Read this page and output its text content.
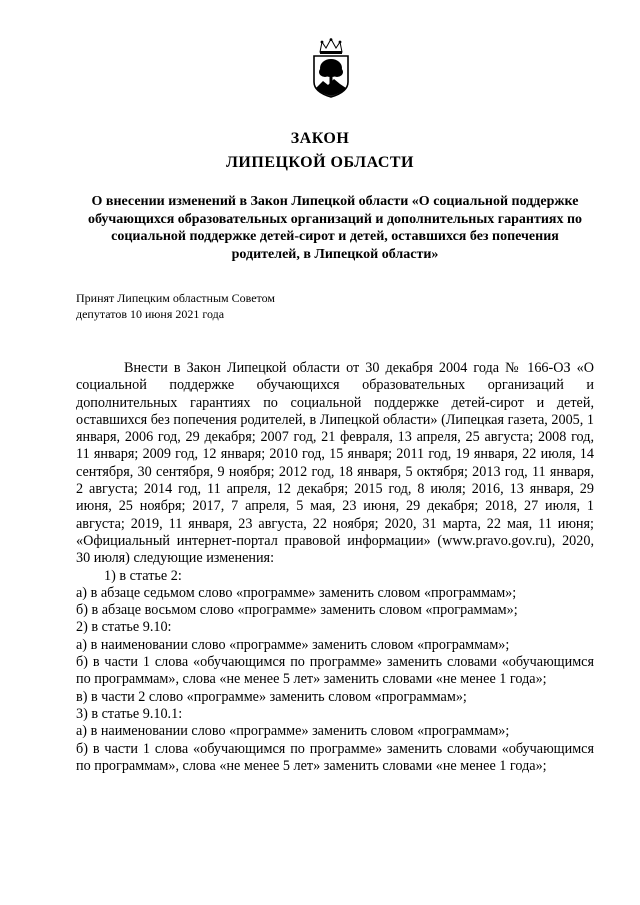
ЗАКОН
ЛИПЕЦКОЙ ОБЛАСТИ
О внесении изменений в Закон Липецкой области «О социальной поддержке обучающихся образовательных организаций и дополнительных гарантиях по социальной поддержке детей-сирот и детей, оставшихся без попечения родителей, в Липецкой области»
Принят Липецким областным Советом
депутатов 10 июня 2021 года

Внести в Закон Липецкой области от 30 декабря 2004 года № 166-ОЗ «О социальной поддержке обучающихся образовательных организаций и дополнительных гарантиях по социальной поддержке детей-сирот и детей, оставшихся без попечения родителей, в Липецкой области» (Липецкая газета, 2005, 1 января, 2006 год, 29 декабря; 2007 год, 21 февраля, 13 апреля, 25 августа; 2008 год, 11 января; 2009 год, 12 января; 2010 год, 15 января; 2011 год, 19 января, 22 июля, 14 сентября, 30 сентября, 9 ноября; 2012 год, 18 января, 5 октября; 2013 год, 11 января, 2 августа; 2014 год, 11 апреля, 12 декабря; 2015 год, 8 июля; 2016, 13 января, 29 июня, 25 ноября; 2017, 7 апреля, 5 мая, 23 июня, 29 декабря; 2018, 27 июля, 1 августа; 2019, 11 января, 23 августа, 22 ноября; 2020, 31 марта, 22 мая, 11 июня; «Официальный интернет-портал правовой информации» (www.pravo.gov.ru), 2020, 30 июля) следующие изменения:

1) в статье 2:

а) в абзаце седьмом слово «программе» заменить словом «программам»;

б) в абзаце восьмом слово «программе» заменить словом «программам»;

2) в статье 9.10:

а) в наименовании слово «программе» заменить словом «программам»;

б) в части 1 слова «обучающимся по программе» заменить словами «обучающимся по программам», слова «не менее 5 лет» заменить словами «не менее 1 года»;

в) в части 2 слово «программе» заменить словом «программам»;

3) в статье 9.10.1:

а) в наименовании слово «программе» заменить словом «программам»;

б) в части 1 слова «обучающимся по программе» заменить словами «обучающимся по программам», слова «не менее 5 лет» заменить словами «не менее 1 года»;
